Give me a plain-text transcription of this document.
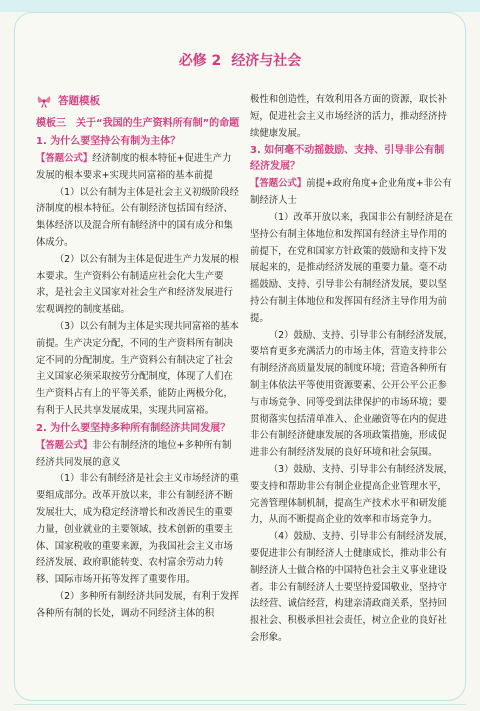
必修 2 经济与社会
答题模板
模板三　关于“我国的生产资料所有制”的命题
1. 为什么要坚持公有制为主体？
【答题公式】经济制度的根本特征+促进生产力发展的根本要求+实现共同富裕的基本前提
（1）以公有制为主体是社会主义初级阶段经济制度的根本特征。公有制经济包括国有经济、集体经济以及混合所有制经济中的国有成分和集体成分。
（2）以公有制为主体是促进生产力发展的根本要求。生产资料公有制适应社会化大生产要求，是社会主义国家对社会生产和经济发展进行宏观调控的制度基础。
（3）以公有制为主体是实现共同富裕的基本前提。生产决定分配，不同的生产资料所有制决定不同的分配制度。生产资料公有制决定了社会主义国家必须采取按劳分配制度，体现了人们在生产资料占有上的平等关系，能防止两极分化，有利于人民共享发展成果，实现共同富裕。
2. 为什么要坚持多种所有制经济共同发展？
【答题公式】非公有制经济的地位+多种所有制经济共同发展的意义
（1）非公有制经济是社会主义市场经济的重要组成部分。改革开放以来，非公有制经济不断发展壮大，成为稳定经济增长和改善民生的重要力量，创业就业的主要领域、技术创新的重要主体、国家税收的重要来源，为我国社会主义市场经济发展、政府职能转变、农村富余劳动力转移、国际市场开拓等发挥了重要作用。
（2）多种所有制经济共同发展，有利于发挥各种所有制的长处，调动不同经济主体的积
极性和创造性，有效利用各方面的资源，取长补短，促进社会主义市场经济的活力，推动经济持续健康发展。
3. 如何毫不动摇鼓励、支持、引导非公有制经济发展？
【答题公式】前提+政府角度+企业角度+非公有制经济人士
（1）改革开放以来，我国非公有制经济是在坚持公有制主体地位和发挥国有经济主导作用的前提下，在党和国家方针政策的鼓励和支持下发展起来的，是推动经济发展的重要力量。毫不动摇鼓励、支持、引导非公有制经济发展，要以坚持公有制主体地位和发挥国有经济主导作用为前提。
（2）鼓励、支持、引导非公有制经济发展，要培育更多充满活力的市场主体，营造支持非公有制经济高质量发展的制度环境；营造各种所有制主体依法平等使用资源要素、公开公平公正参与市场竞争、同等受到法律保护的市场环境；要贯彻落实包括清单准入、企业融资等在内的促进非公有制经济健康发展的各项政策措施，形成促进非公有制经济发展的良好环境和社会氛围。
（3）鼓励、支持、引导非公有制经济发展，要支持和帮助非公有制企业提高企业管理水平，完善管理体制机制，提高生产技术水平和研发能力，从而不断提高企业的效率和市场竞争力。
（4）鼓励、支持、引导非公有制经济发展，要促进非公有制经济人士健康成长，推动非公有制经济人士做合格的中国特色社会主义事业建设者。非公有制经济人士要坚持爱国敬业，坚持守法经营、诚信经营，构建亲清政商关系，坚持回报社会、积极承担社会责任，树立企业的良好社会形象。
